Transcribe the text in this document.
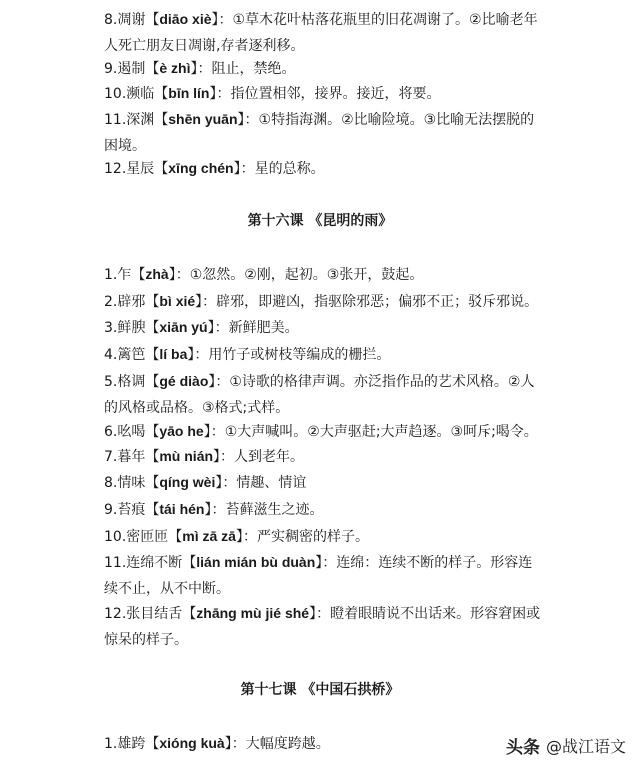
8.凋谢【diāo xiè】：①草木花叶枯落花瓶里的旧花凋谢了。②比喻老年人死亡朋友日凋谢,存者逐利移。

9.遏制【è zhì】：阻止，禁绝。

10.濒临【bīn lín】：指位置相邻，接界。接近，将要。

11.深渊【shēn yuān】：①特指海渊。②比喻险境。③比喻无法摆脱的困境。

12.星辰【xīng chén】：星的总称。

第十六课 《昆明的雨》

1.乍【zhà】：①忽然。②刚，起初。③张开，鼓起。

2.辟邪【bì xié】：辟邪，即避凶，指驱除邪恶；偏邪不正；驳斥邪说。

3.鲜腴【xiān yú】：新鲜肥美。

4.篱笆【lí ba】：用竹子或树枝等编成的栅拦。

5.格调【gé diào】：①诗歌的格律声调。亦泛指作品的艺术风格。②人的风格或品格。③格式;式样。

6.吆喝【yāo he】：①大声喊叫。②大声驱赶;大声趋逐。③呵斥;喝令。

7.暮年【mù nián】：人到老年。

8.情味【qíng wèi】：情趣、情谊

9.苔痕【tái hén】：苔藓滋生之迹。

10.密匝匝【mì zā zā】：严实稠密的样子。

11.连绵不断【lián mián bù duàn】：连绵：连续不断的样子。形容连续不止，从不中断。

12.张目结舌【zhāng mù jié shé】：瞪着眼睛说不出话来。形容窘困或惊呆的样子。

第十七课 《中国石拱桥》

1.雄跨【xióng kuà】：大幅度跨越。	头条 @战江语文
